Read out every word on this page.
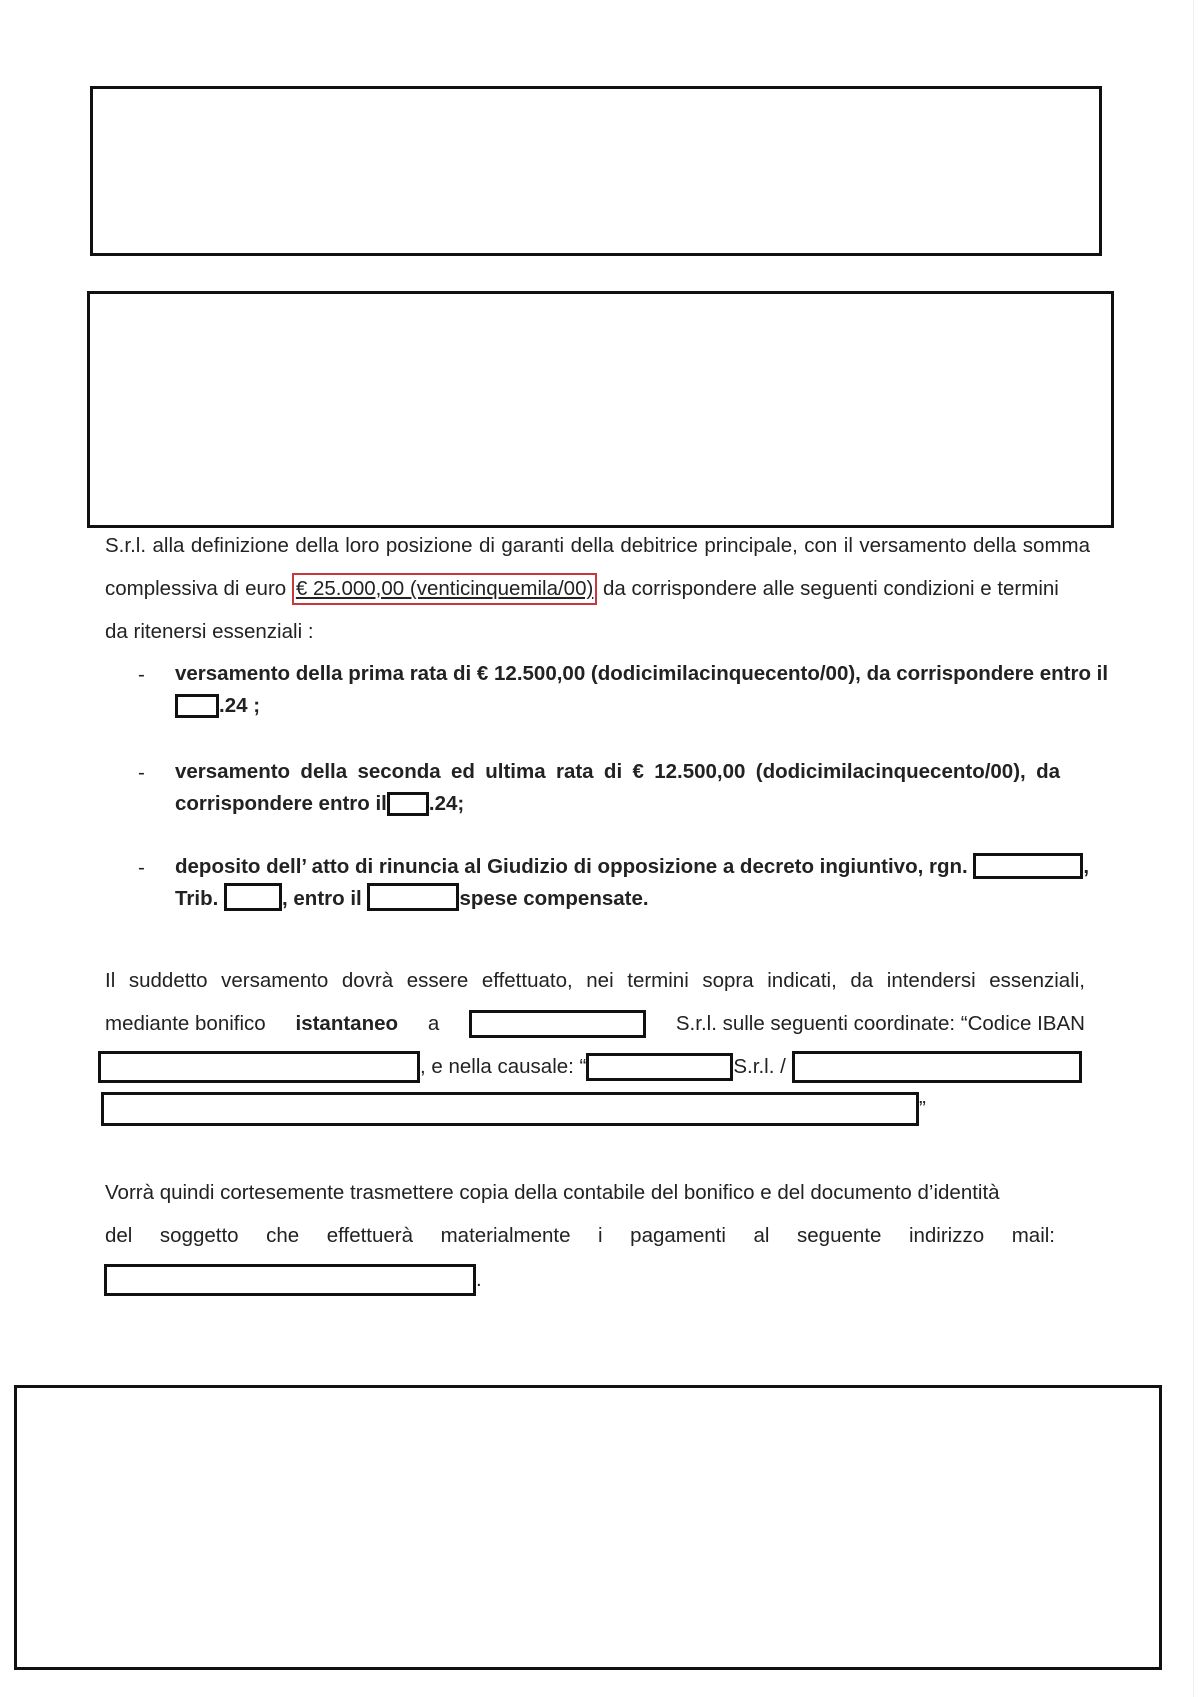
S.r.l. alla definizione della loro posizione di garanti della debitrice principale, con il versamento della somma
complessiva di euro € 25.000,00 (venticinquemila/00) da corrispondere alle seguenti condizioni e termini
da ritenersi essenziali :
- versamento della prima rata di € 12.500,00 (dodicimilacinquecento/00), da corrispondere entro il
.24 ;
- versamento della seconda ed ultima rata di € 12.500,00 (dodicimilacinquecento/00), da
corrispondere entro il .24;
- deposito dell’ atto di rinuncia al Giudizio di opposizione a decreto ingiuntivo, rgn.	,
Trib.	, entro il	spese compensate.
Il suddetto versamento dovrà essere effettuato, nei termini sopra indicati, da intendersi essenziali,
mediante bonifico istantaneo a	S.r.l. sulle seguenti coordinate: “Codice IBAN
, e nella causale: “	S.r.l. /
”
Vorrà quindi cortesemente trasmettere copia della contabile del bonifico e del documento d’identità
del soggetto che effettuerà materialmente i pagamenti al seguente indirizzo mail:
.
